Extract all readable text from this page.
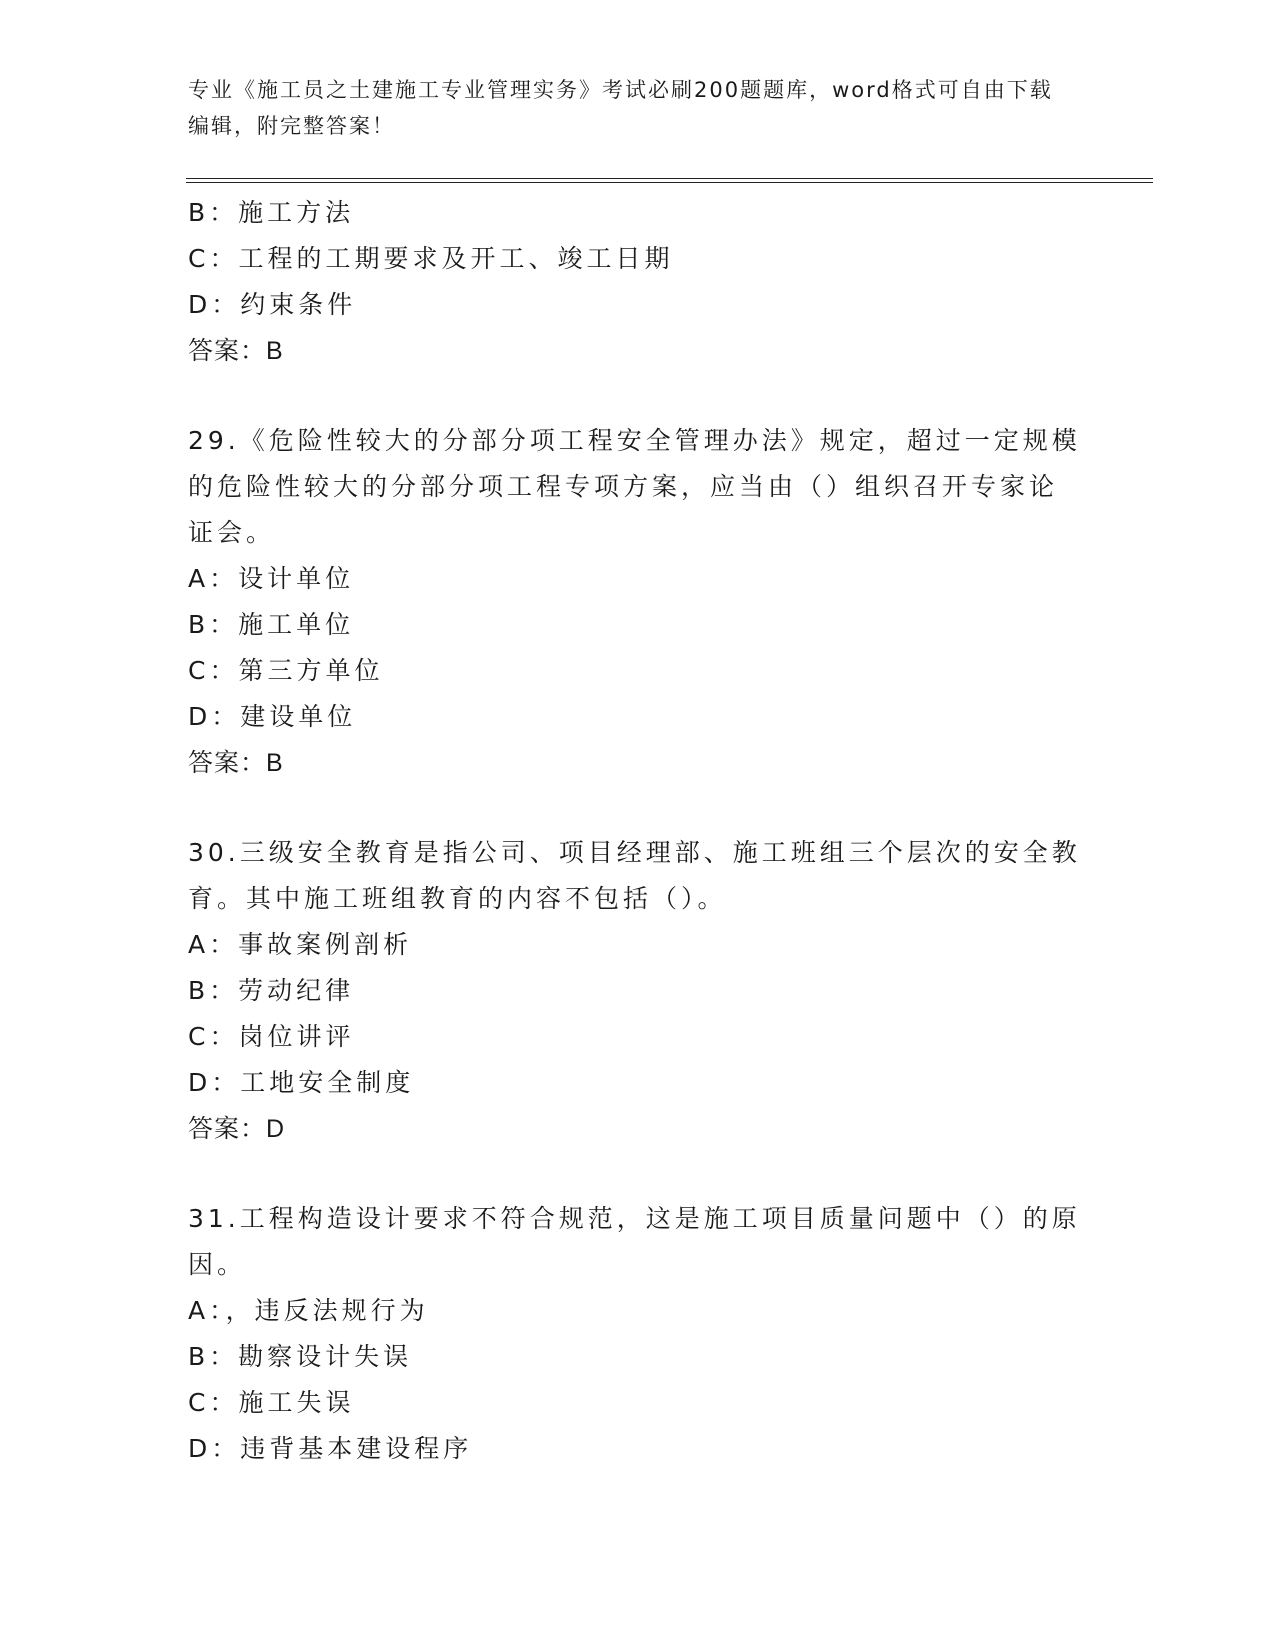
专业《施工员之土建施工专业管理实务》考试必刷200题题库，word格式可自由下载编辑，附完整答案！
B：施工方法
C：工程的工期要求及开工、竣工日期
D：约束条件
答案：B
29.《危险性较大的分部分项工程安全管理办法》规定，超过一定规模
的危险性较大的分部分项工程专项方案，应当由（）组织召开专家论
证会。
A：设计单位
B：施工单位
C：第三方单位
D：建设单位
答案：B
30.三级安全教育是指公司、项目经理部、施工班组三个层次的安全教
育。其中施工班组教育的内容不包括（）。
A：事故案例剖析
B：劳动纪律
C：岗位讲评
D：工地安全制度
答案：D
31.工程构造设计要求不符合规范，这是施工项目质量问题中（）的原
因。
A：，违反法规行为
B：勘察设计失误
C：施工失误
D：违背基本建设程序
